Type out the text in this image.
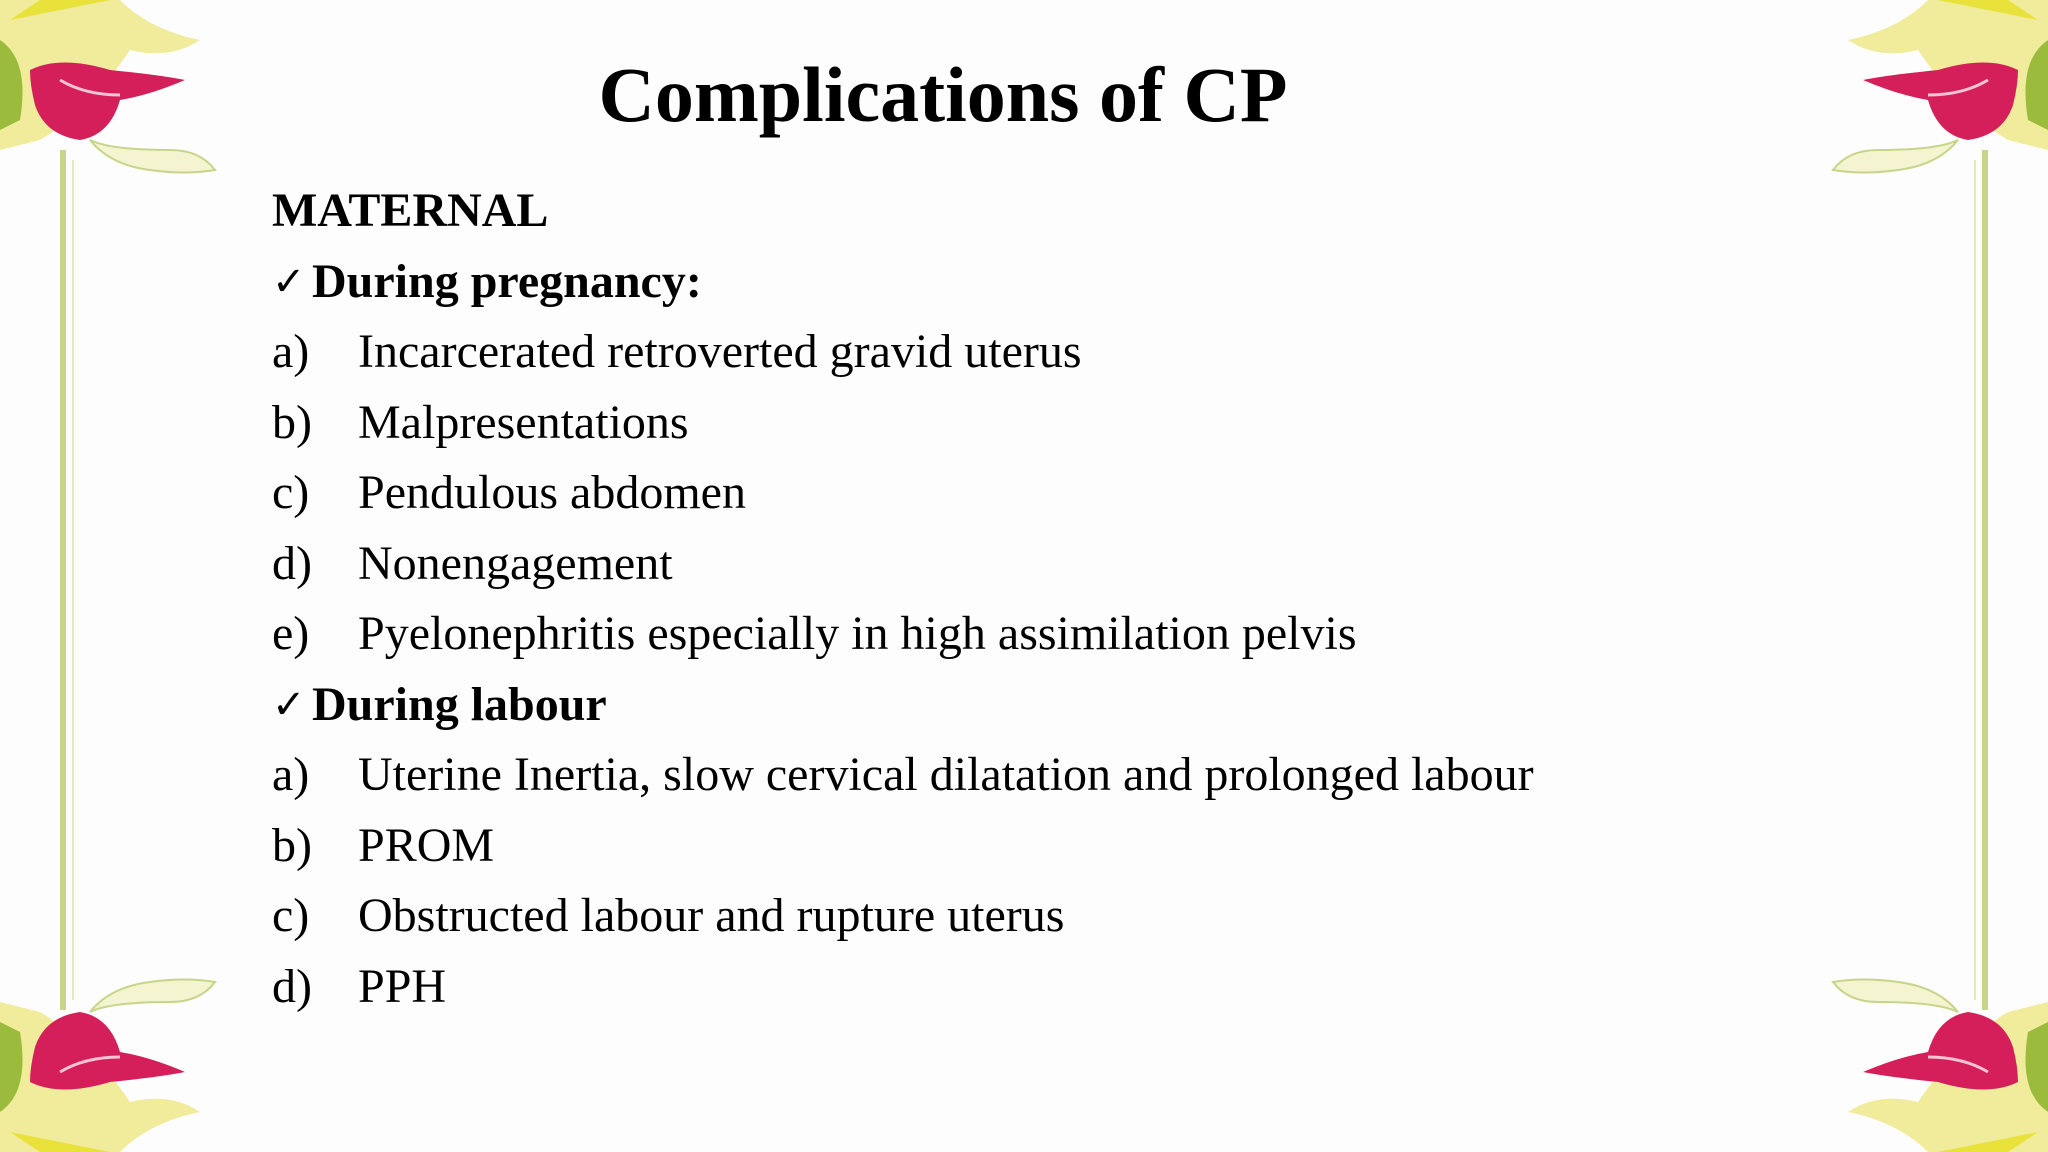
Complications of CP
MATERNAL
✓ During pregnancy:
a) Incarcerated retroverted gravid uterus
b) Malpresentations
c) Pendulous abdomen
d) Nonengagement
e) Pyelonephritis especially in high assimilation pelvis
✓ During labour
a) Uterine Inertia, slow cervical dilatation and prolonged labour
b) PROM
c) Obstructed labour and rupture uterus
d) PPH
